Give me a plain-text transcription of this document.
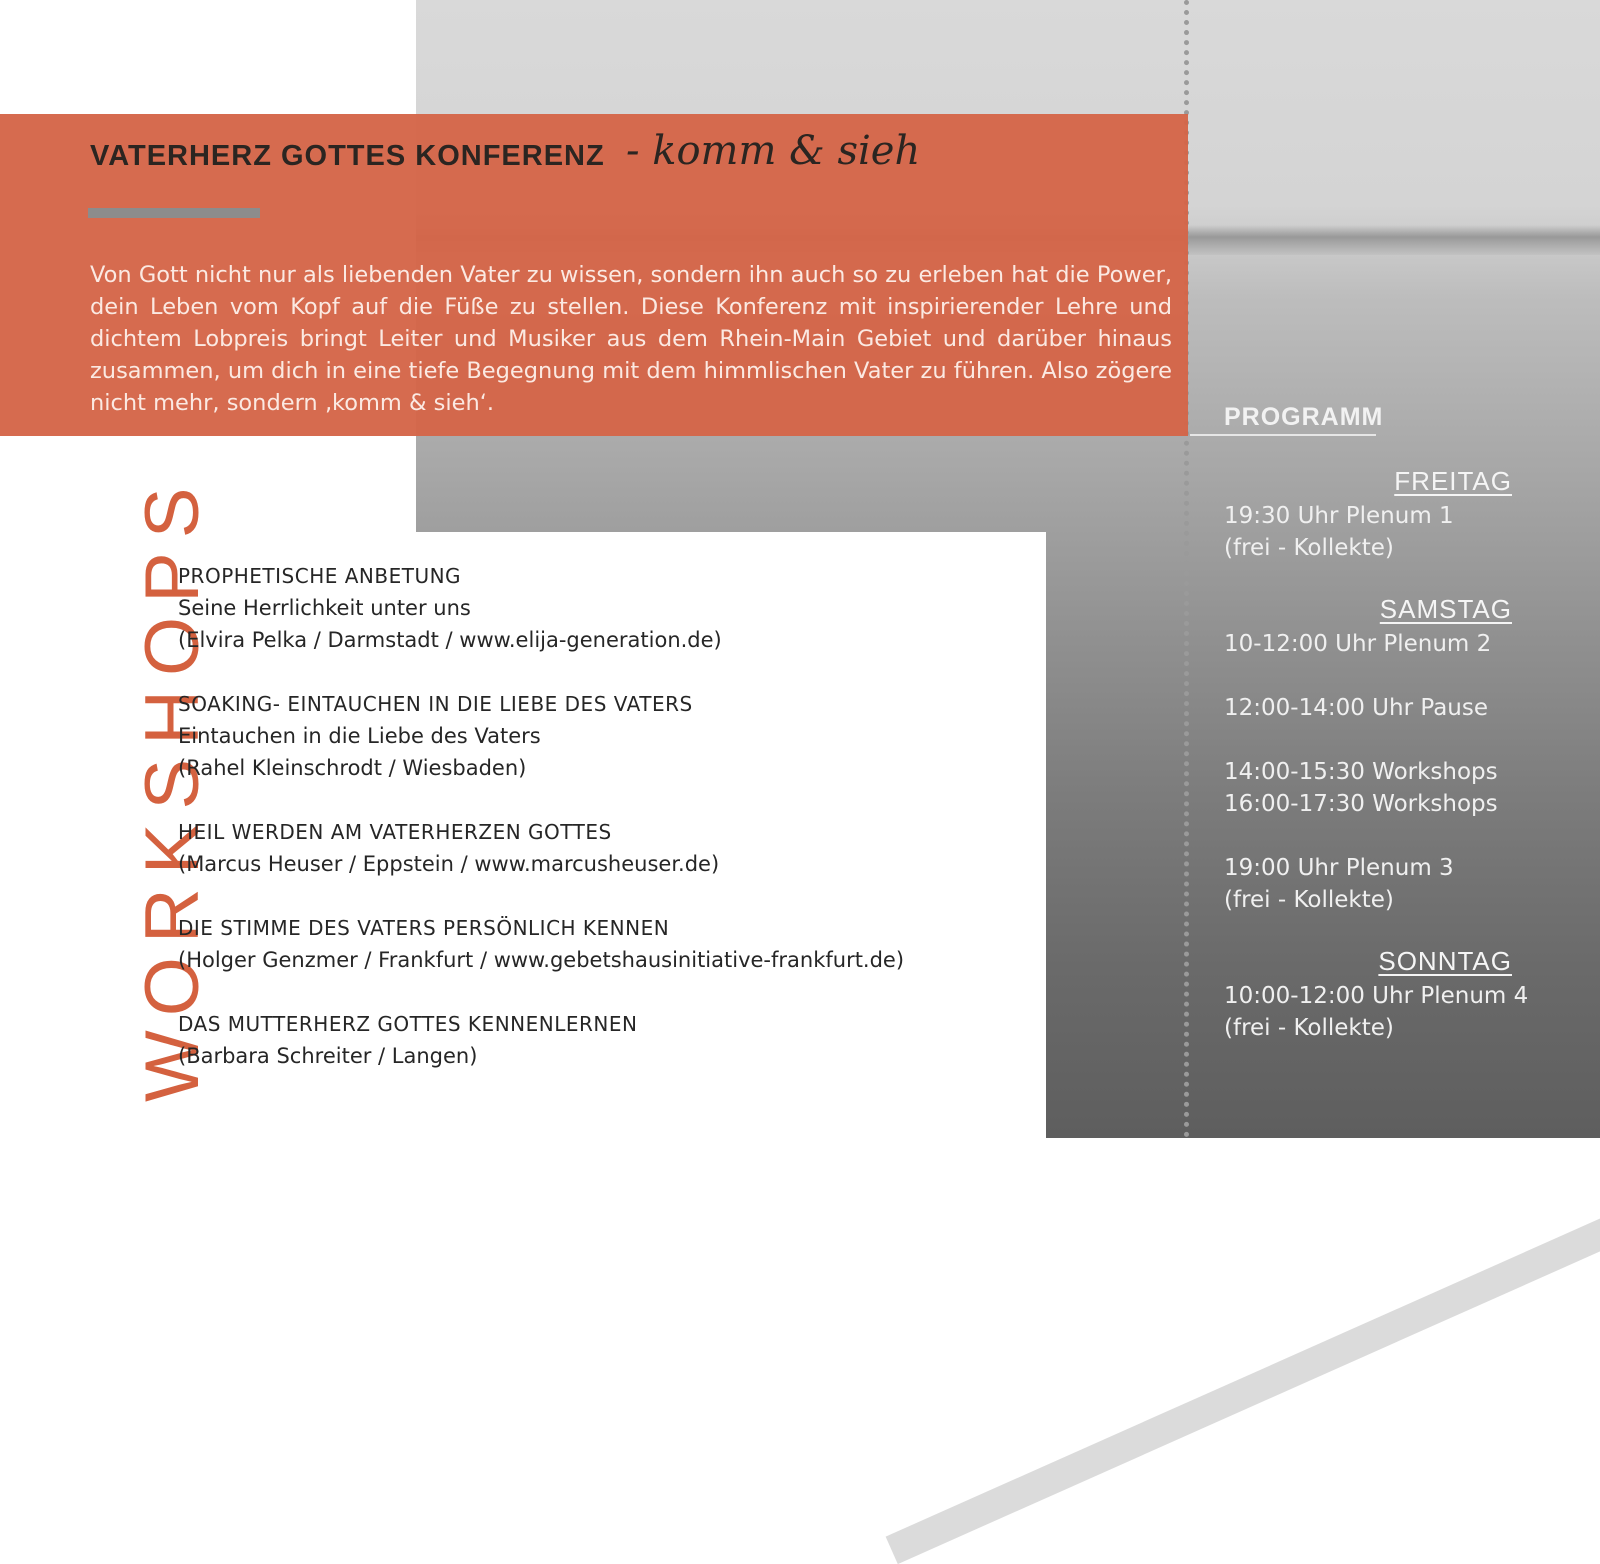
VATERHERZ GOTTES KONFERENZ - komm & sieh

Von Gott nicht nur als liebenden Vater zu wissen, sondern ihn auch so zu erleben hat die Power, dein Leben vom Kopf auf die Füße zu stellen. Diese Konferenz mit inspirierender Lehre und dichtem Lobpreis bringt Leiter und Musiker aus dem Rhein-Main Gebiet und darüber hinaus zusammen, um dich in eine tiefe Begegnung mit dem himmlischen Vater zu führen. Also zögere nicht mehr, sondern ‚komm & sieh‘.

WORKSHOPS
PROPHETISCHE ANBETUNG
Seine Herrlichkeit unter uns
(Elvira Pelka / Darmstadt / www.elija-generation.de)
SOAKING- EINTAUCHEN IN DIE LIEBE DES VATERS
Eintauchen in die Liebe des Vaters
(Rahel Kleinschrodt / Wiesbaden)
HEIL WERDEN AM VATERHERZEN GOTTES
(Marcus Heuser / Eppstein / www.marcusheuser.de)
DIE STIMME DES VATERS PERSÖNLICH KENNEN
(Holger Genzmer / Frankfurt / www.gebetshausinitiative-frankfurt.de)
DAS MUTTERHERZ GOTTES KENNENLERNEN
(Barbara Schreiter / Langen)
PROGRAMM
FREITAG
19:30 Uhr Plenum 1
(frei - Kollekte)
SAMSTAG
10-12:00 Uhr Plenum 2
12:00-14:00 Uhr Pause
14:00-15:30 Workshops
16:00-17:30 Workshops
19:00 Uhr Plenum 3
(frei - Kollekte)
SONNTAG
10:00-12:00 Uhr Plenum 4
(frei - Kollekte)
